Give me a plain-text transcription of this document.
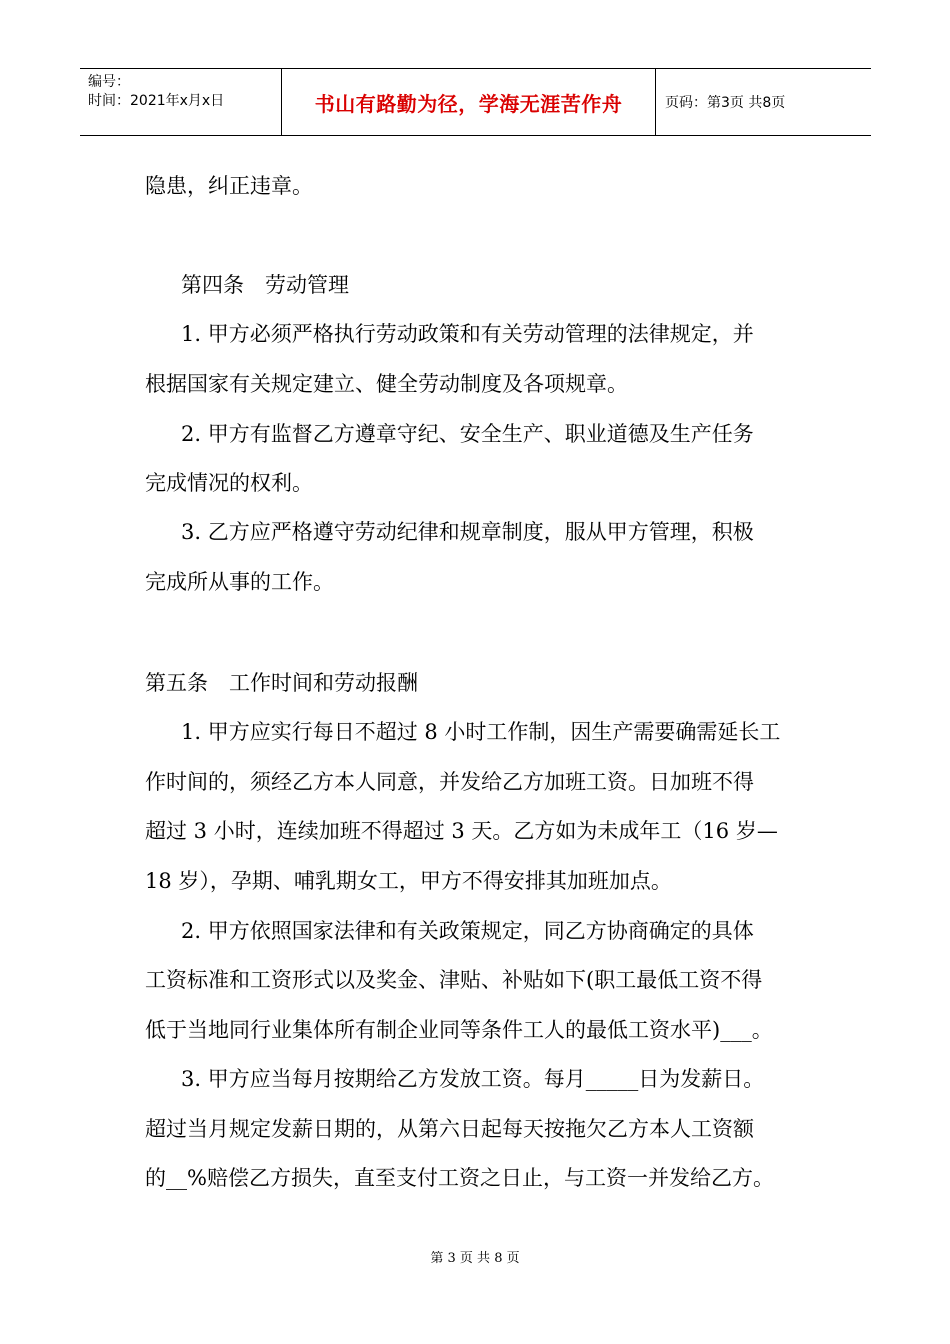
编号：
时间：2021年x月x日	书山有路勤为径，学海无涯苦作舟	页码：第3页 共8页
隐患，纠正违章。
第四条　劳动管理
1. 甲方必须严格执行劳动政策和有关劳动管理的法律规定，并
根据国家有关规定建立、健全劳动制度及各项规章。
2. 甲方有监督乙方遵章守纪、安全生产、职业道德及生产任务
完成情况的权利。
3. 乙方应严格遵守劳动纪律和规章制度，服从甲方管理，积极
完成所从事的工作。
第五条　工作时间和劳动报酬
1. 甲方应实行每日不超过 8 小时工作制，因生产需要确需延长工
作时间的，须经乙方本人同意，并发给乙方加班工资。日加班不得
超过 3 小时，连续加班不得超过 3 天。乙方如为未成年工（16 岁—
18 岁），孕期、哺乳期女工，甲方不得安排其加班加点。
2. 甲方依照国家法律和有关政策规定，同乙方协商确定的具体
工资标准和工资形式以及奖金、津贴、补贴如下(职工最低工资不得
低于当地同行业集体所有制企业同等条件工人的最低工资水平)___。
3. 甲方应当每月按期给乙方发放工资。每月_____日为发薪日。
超过当月规定发薪日期的，从第六日起每天按拖欠乙方本人工资额
的__%赔偿乙方损失，直至支付工资之日止，与工资一并发给乙方。
第 3 页 共 8 页
